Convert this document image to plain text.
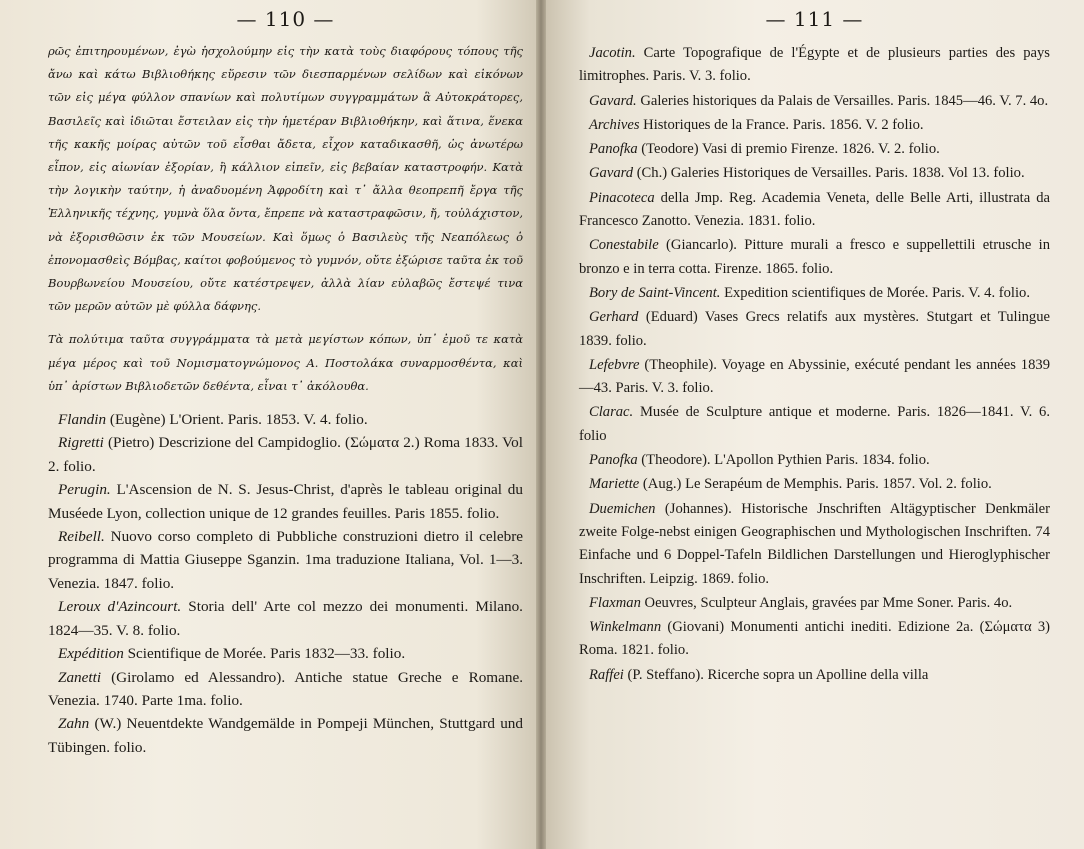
— 110 —

ρῶς ἐπιτηρουμένων, ἐγὼ ἠσχολούμην εἰς τὴν κατὰ τοὺς διαφόρους τόπους τῆς ἄνω καὶ κάτω Βιβλιοθήκης εὕρεσιν τῶν διεσπαρμένων σελίδων καὶ εἰκόνων τῶν εἰς μέγα φύλλον σπανίων καὶ πολυτίμων συγγραμμάτων ἃ Αὐτοκράτορες, Βασιλεῖς καὶ ἰδιῶται ἔστειλαν εἰς τὴν ἡμετέραν Βιβλιοθήκην, καὶ ἅτινα, ἕνεκα τῆς κακῆς μοίρας αὐτῶν τοῦ εἶσθαι ἄδετα, εἶχον καταδικασθῆ, ὡς ἀνωτέρω εἶπον, εἰς αἰωνίαν ἐξορίαν, ἢ κάλλιον εἰπεῖν, εἰς βεβαίαν καταστροφήν. Κατὰ τὴν λογικὴν ταύτην, ἡ ἀναδυομένη Ἀφροδίτη καὶ τ᾽ ἄλλα θεοπρεπῆ ἔργα τῆς Ἑλληνικῆς τέχνης, γυμνὰ ὅλα ὄντα, ἔπρεπε νὰ καταστραφῶσιν, ἤ, τοὐλάχιστον, νὰ ἐξορισθῶσιν ἐκ τῶν Μουσείων. Καὶ ὅμως ὁ Βασιλεὺς τῆς Νεαπόλεως ὁ ἐπονομασθεὶς Βόμβας, καίτοι φοβούμενος τὸ γυμνόν, οὔτε ἐξώρισε ταῦτα ἐκ τοῦ Βουρβωνείου Μουσείου, οὔτε κατέστρεψεν, ἀλλὰ λίαν εὐλαβῶς ἔστεψέ τινα τῶν μερῶν αὐτῶν μὲ φύλλα δάφνης.

Τὰ πολύτιμα ταῦτα συγγράμματα τὰ μετὰ μεγίστων κόπων, ὑπ᾽ ἐμοῦ τε κατὰ μέγα μέρος καὶ τοῦ Νομισματογνώμονος Α. Ποστολάκα συναρμοσθέντα, καὶ ὑπ᾽ ἀρίστων Βιβλιοδετῶν δεθέντα, εἶναι τ᾽ ἀκόλουθα.

Flandin (Eugène) L'Orient. Paris. 1853. V. 4. folio.
Rigretti (Pietro) Descrizione del Campidoglio. (Σώματα 2.) Roma 1833. Vol 2. folio.
Perugin. L'Ascension de N. S. Jesus-Christ, d'après le tableau original du Muséede Lyon, collection unique de 12 grandes feuilles. Paris 1855. folio.
Reibell. Nuovo corso completo di Pubbliche construzioni dietro il celebre programma di Mattia Giuseppe Sganzin. 1ma traduzione Italiana, Vol. 1—3. Venezia. 1847. folio.
Leroux d'Azincourt. Storia dell' Arte col mezzo dei monumenti. Milano. 1824—35. V. 8. folio.
Expédition Scientifique de Morée. Paris 1832—33. folio.
Zanetti (Girolamo ed Alessandro). Antiche statue Greche e Romane. Venezia. 1740. Parte 1ma. folio.
Zahn (W.) Neuentdekte Wandgemälde in Pompeji München, Stuttgard und Tübingen. folio.
— 111 —
Jacotin. Carte Topografique de l'Égypte et de plusieurs parties des pays limitrophes. Paris. V. 3. folio.
Gavard. Galeries historiques da Palais de Versailles. Paris. 1845—46. V. 7. 4o.
Archives Historiques de la France. Paris. 1856. V. 2 folio.
Panofka (Teodore) Vasi di premio Firenze. 1826. V. 2. folio.
Gavard (Ch.) Galeries Historiques de Versailles. Paris. 1838. Vol 13. folio.
Pinacoteca della Jmp. Reg. Academia Veneta, delle Belle Arti, illustrata da Francesco Zanotto. Venezia. 1831. folio.
Conestabile (Giancarlo). Pitture murali a fresco e suppellettili etrusche in bronzo e in terra cotta. Firenze. 1865. folio.
Bory de Saint-Vincent. Expedition scientifiques de Morée. Paris. V. 4. folio.
Gerhard (Eduard) Vases Grecs relatifs aux mystères. Stutgart et Tulingue 1839. folio.
Lefebvre (Theophile). Voyage en Abyssinie, exécuté pendant les années 1839—43. Paris. V. 3. folio.
Clarac. Musée de Sculpture antique et moderne. Paris. 1826—1841. V. 6. folio
Panofka (Theodore). L'Apollon Pythien Paris. 1834. folio.
Mariette (Aug.) Le Serapéum de Memphis. Paris. 1857. Vol. 2. folio.
Duemichen (Johannes). Historische Jnschriften Altägyptischer Denkmäler zweite Folge-nebst einigen Geographischen und Mythologischen Inschriften. 74 Einfache und 6 Doppel-Tafeln Bildlichen Darstellungen und Hieroglyphischer Inschriften. Leipzig. 1869. folio.
Flaxman Oeuvres, Sculpteur Anglais, gravées par Mme Soner. Paris. 4o.
Winkelmann (Giovani) Monumenti antichi inediti. Edizione 2a. (Σώματα 3) Roma. 1821. folio.
Raffei (P. Steffano). Ricerche sopra un Apolline della villa
